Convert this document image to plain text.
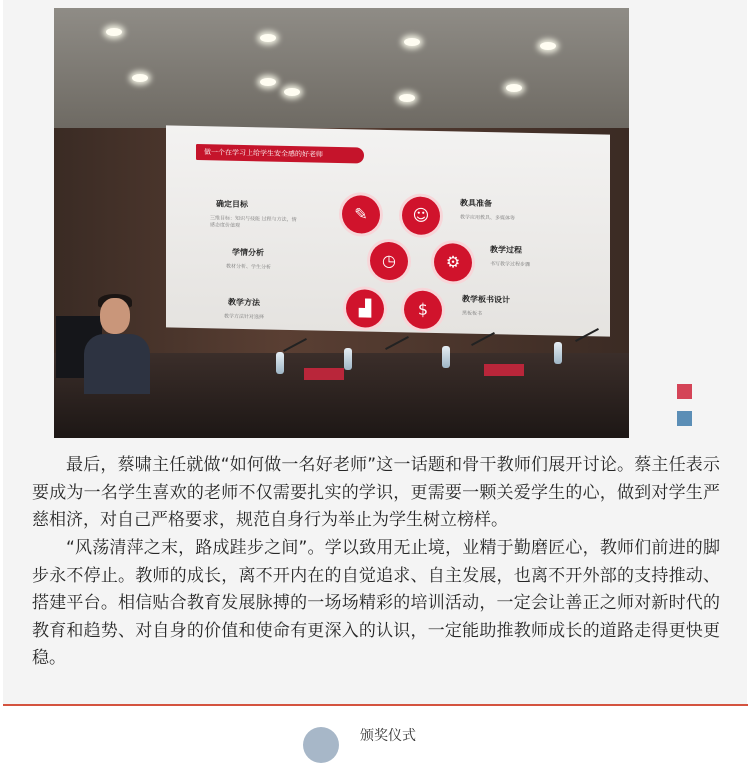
做一个在学习上给学生安全感的好老师
确定目标
三维目标：知识与技能 过程与方法，情感态度价值观
✎	☺
教具准备
教学应用教具、多媒体等
学情分析
教材分析、学生分析	◷	⚙
教学过程
书写教学过程步骤
教学方法
教学方法针对选择	▟	$
教学板书设计
黑板板书

最后，蔡啸主任就做“如何做一名好老师”这一话题和骨干教师们展开讨论。蔡主任表示要成为一名学生喜欢的老师不仅需要扎实的学识，更需要一颗关爱学生的心，做到对学生严慈相济，对自己严格要求，规范自身行为举止为学生树立榜样。

“风荡清萍之末，路成跬步之间”。学以致用无止境，业精于勤磨匠心，教师们前进的脚步永不停止。教师的成长，离不开内在的自觉追求、自主发展，也离不开外部的支持推动、搭建平台。相信贴合教育发展脉搏的一场场精彩的培训活动，一定会让善正之师对新时代的教育和趋势、对自身的价值和使命有更深入的认识，一定能助推教师成长的道路走得更快更稳。

颁奖仪式
